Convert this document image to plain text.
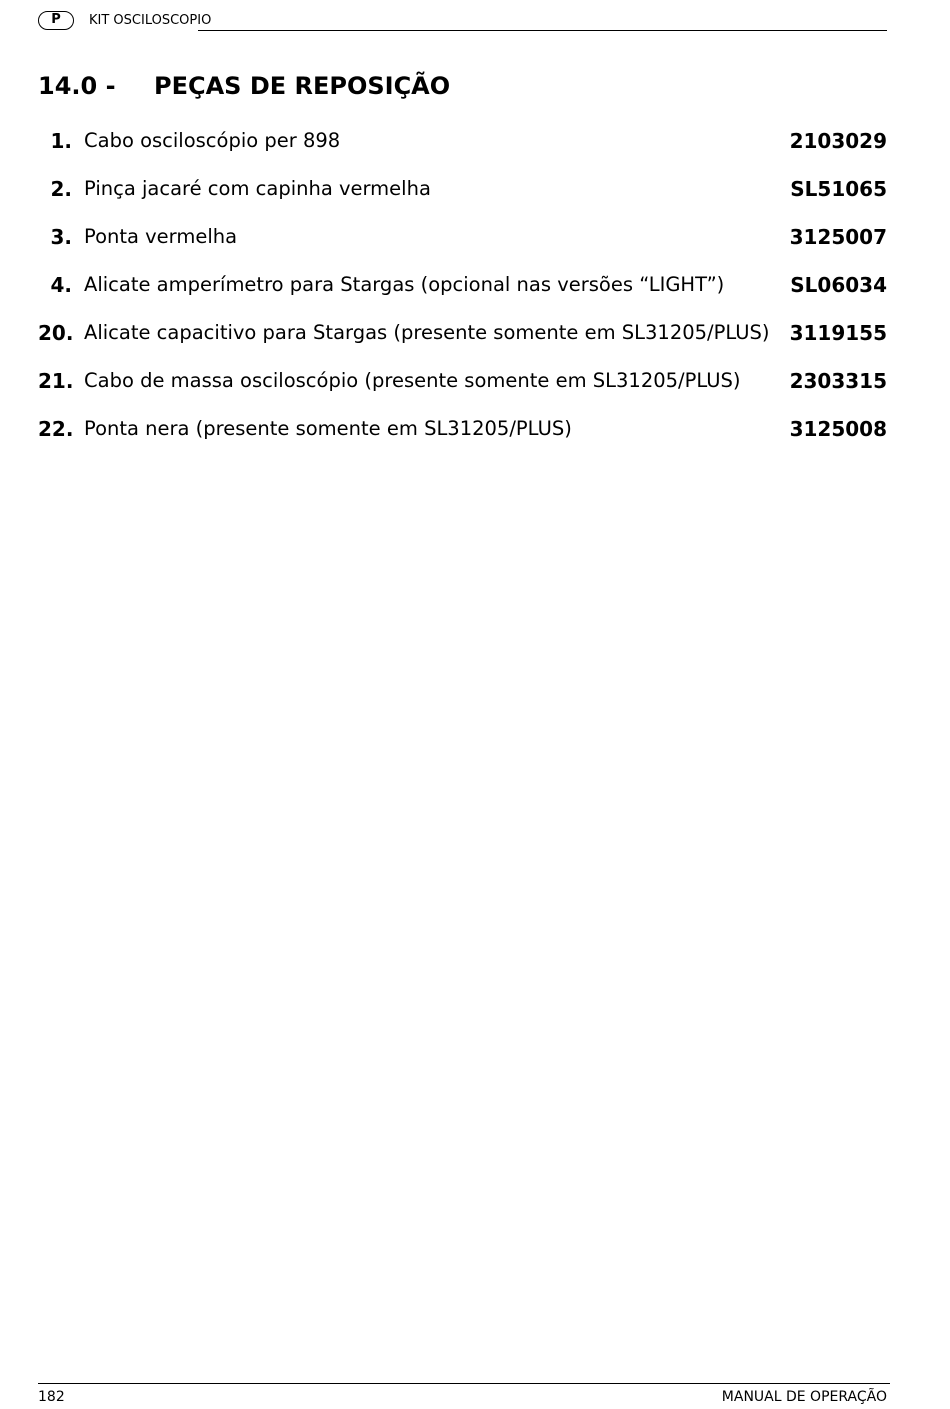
P	KIT OSCILOSCOPIO
14.0 - PEÇAS DE REPOSIÇÃO
1. Cabo osciloscópio per 898	2103029
2. Pinça jacaré com capinha vermelha	SL51065
3. Ponta vermelha	3125007
4. Alicate amperímetro para Stargas (opcional nas versões “LIGHT”)	SL06034
20. Alicate capacitivo para Stargas (presente somente em SL31205/PLUS) 3119155
21. Cabo de massa osciloscópio (presente somente em SL31205/PLUS) 2303315
22. Ponta nera (presente somente em SL31205/PLUS)	3125008
182	MANUAL DE OPERAÇÃO
